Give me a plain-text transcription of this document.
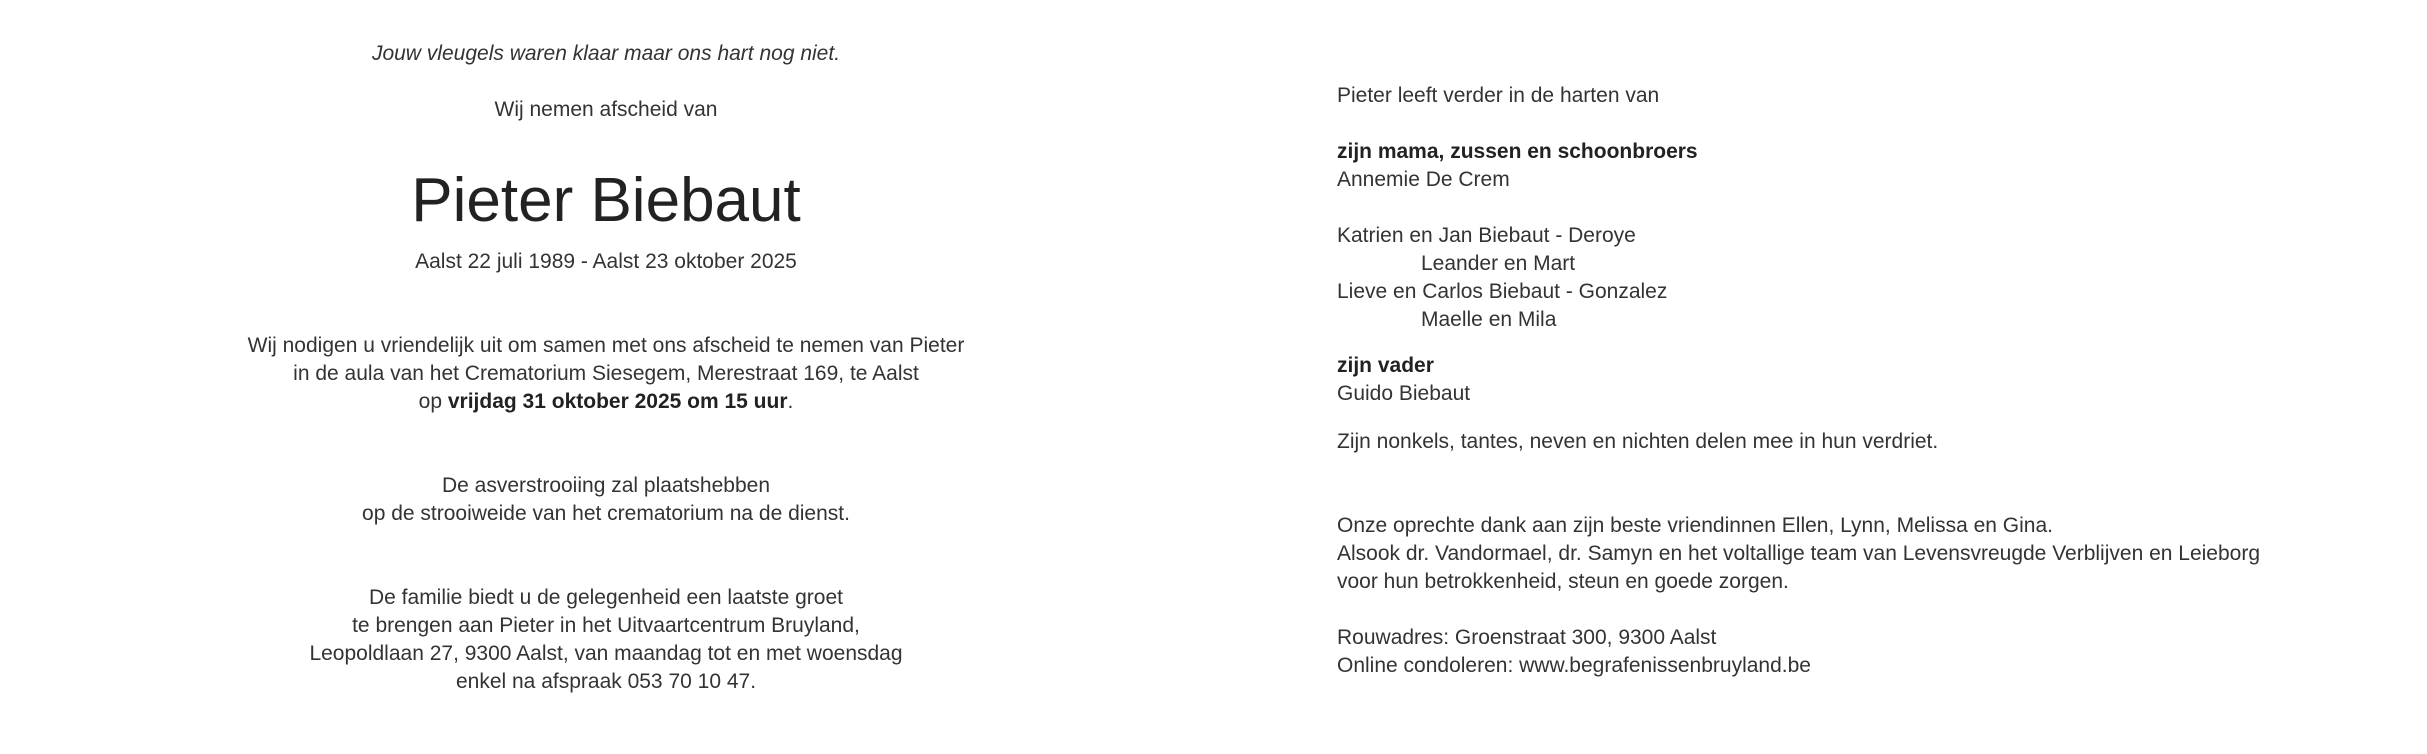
Jouw vleugels waren klaar maar ons hart nog niet.
Wij nemen afscheid van
Pieter Biebaut
Aalst 22 juli 1989 - Aalst 23 oktober 2025
Wij nodigen u vriendelijk uit om samen met ons afscheid te nemen van Pieter
in de aula van het Crematorium Siesegem, Merestraat 169, te Aalst
op vrijdag 31 oktober 2025 om 15 uur.
De asverstrooiing zal plaatshebben
op de strooiweide van het crematorium na de dienst.
De familie biedt u de gelegenheid een laatste groet
te brengen aan Pieter in het Uitvaartcentrum Bruyland,
Leopoldlaan 27, 9300 Aalst, van maandag tot en met woensdag
enkel na afspraak 053 70 10 47.
Pieter leeft verder in de harten van
zijn mama, zussen en schoonbroers
Annemie De Crem
Katrien en Jan Biebaut - Deroye
Leander en Mart
Lieve en Carlos Biebaut - Gonzalez
Maelle en Mila
zijn vader
Guido Biebaut
Zijn nonkels, tantes, neven en nichten delen mee in hun verdriet.
Onze oprechte dank aan zijn beste vriendinnen Ellen, Lynn, Melissa en Gina.
Alsook dr. Vandormael, dr. Samyn en het voltallige team van Levensvreugde Verblijven en Leieborg
voor hun betrokkenheid, steun en goede zorgen.
Rouwadres: Groenstraat 300, 9300 Aalst
Online condoleren: www.begrafenissenbruyland.be
